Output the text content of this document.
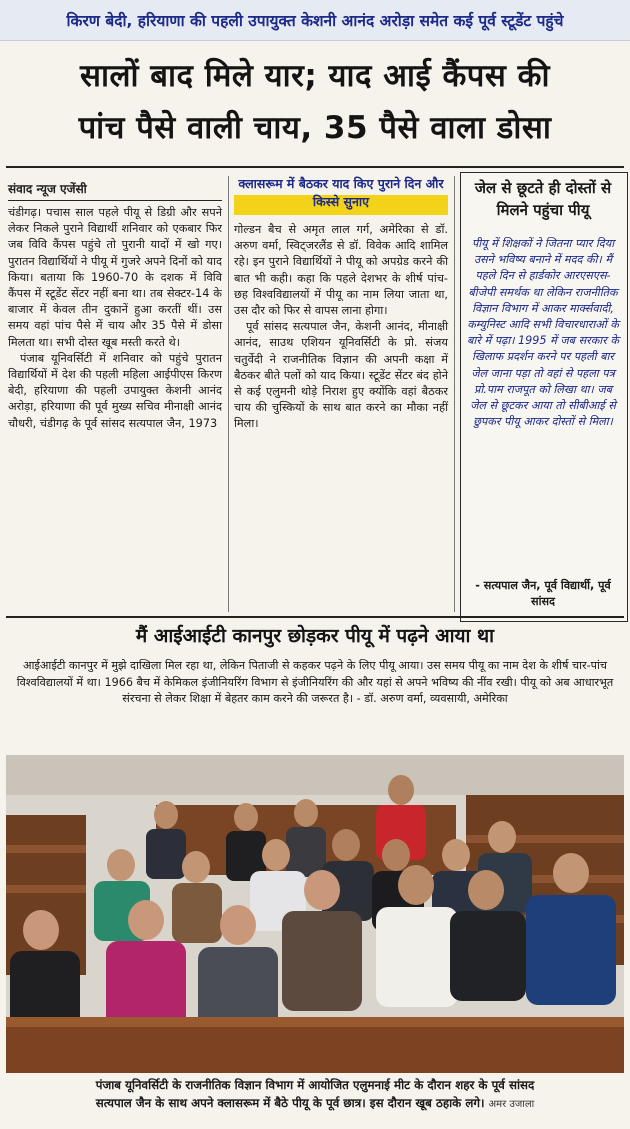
किरण बेदी, हरियाणा की पहली उपायुक्त केशनी आनंद अरोड़ा समेत कई पूर्व स्टूडेंट पहुंचे
सालों बाद मिले यार; याद आई कैंपस की
पांच पैसे वाली चाय, 35 पैसे वाला डोसा
संवाद न्यूज एजेंसी

चंडीगढ़। पचास साल पहले पीयू से डिग्री और सपने लेकर निकले पुराने विद्यार्थी शनिवार को एकबार फिर जब विवि कैंपस पहुंचे तो पुरानी यादों में खो गए। पुरातन विद्यार्थियों ने पीयू में गुजरे अपने दिनों को याद किया। बताया कि 1960-70 के दशक में विवि कैंपस में स्टूडेंट सेंटर नहीं बना था। तब सेक्टर-14 के बाजार में केवल तीन दुकानें हुआ करतीं थीं। उस समय वहां पांच पैसे में चाय और 35 पैसे में डोसा मिलता था। सभी दोस्त खूब मस्ती करते थे।

पंजाब यूनिवर्सिटी में शनिवार को पहुंचे पुरातन विद्यार्थियों में देश की पहली महिला आईपीएस किरण बेदी, हरियाणा की पहली उपायुक्त केशनी आनंद अरोड़ा, हरियाणा की पूर्व मुख्य सचिव मीनाक्षी आनंद चौधरी, चंडीगढ़ के पूर्व सांसद सत्यपाल जैन, 1973

क्लासरूम में बैठकर याद किए पुराने दिन और किस्से सुनाए

गोल्डन बैच से अमृत लाल गर्ग, अमेरिका से डॉ. अरुण वर्मा, स्विट्जरलैंड से डॉ. विवेक आदि शामिल रहे। इन पुराने विद्यार्थियों ने पीयू को अपग्रेड करने की बात भी कही। कहा कि पहले देशभर के शीर्ष पांच-छह विश्वविद्यालयों में पीयू का नाम लिया जाता था, उस दौर को फिर से वापस लाना होगा।

पूर्व सांसद सत्यपाल जैन, केशनी आनंद, मीनाक्षी आनंद, साउथ एशियन यूनिवर्सिटी के प्रो. संजय चतुर्वेदी ने राजनीतिक विज्ञान की अपनी कक्षा में बैठकर बीते पलों को याद किया। स्टूडेंट सेंटर बंद होने से कई एलुमनी थोड़े निराश हुए क्योंकि वहां बैठकर चाय की चुस्कियों के साथ बात करने का मौका नहीं मिला।

जेल से छूटते ही दोस्तों से मिलने पहुंचा पीयू
पीयू में शिक्षकों ने जितना प्यार दिया उसने भविष्य बनाने में मदद की। मैं पहले दिन से हार्डकोर आरएसएस-बीजेपी समर्थक था लेकिन राजनीतिक विज्ञान विभाग में आकर मार्क्सवादी, कम्युनिस्ट आदि सभी विचारधाराओं के बारे में पढ़ा। 1995 में जब सरकार के खिलाफ प्रदर्शन करने पर पहली बार जेल जाना पड़ा तो वहां से पहला पत्र प्रो.पाम राजपूत को लिखा था। जब जेल से छूटकर आया तो सीबीआई से छुपकर पीयू आकर दोस्तों से मिला।
- सत्यपाल जैन, पूर्व विद्यार्थी, पूर्व सांसद
मैं आईआईटी कानपुर छोड़कर पीयू में पढ़ने आया था
आईआईटी कानपुर में मुझे दाखिला मिल रहा था, लेकिन पिताजी से कहकर पढ़ने के लिए पीयू आया। उस समय पीयू का नाम देश के शीर्ष चार-पांच विश्वविद्यालयों में था। 1966 बैच में केमिकल इंजीनियरिंग विभाग से इंजीनियरिंग की और यहां से अपने भविष्य की नींव रखी। पीयू को अब आधारभूत संरचना से लेकर शिक्षा में बेहतर काम करने की जरूरत है। - डॉ. अरुण वर्मा, व्यवसायी, अमेरिका
पंजाब यूनिवर्सिटी के राजनीतिक विज्ञान विभाग में आयोजित एलुमनाई मीट के दौरान शहर के पूर्व सांसद
सत्यपाल जैन के साथ अपने क्लासरूम में बैठे पीयू के पूर्व छात्र। इस दौरान खूब ठहाके लगे। अमर उजाला
